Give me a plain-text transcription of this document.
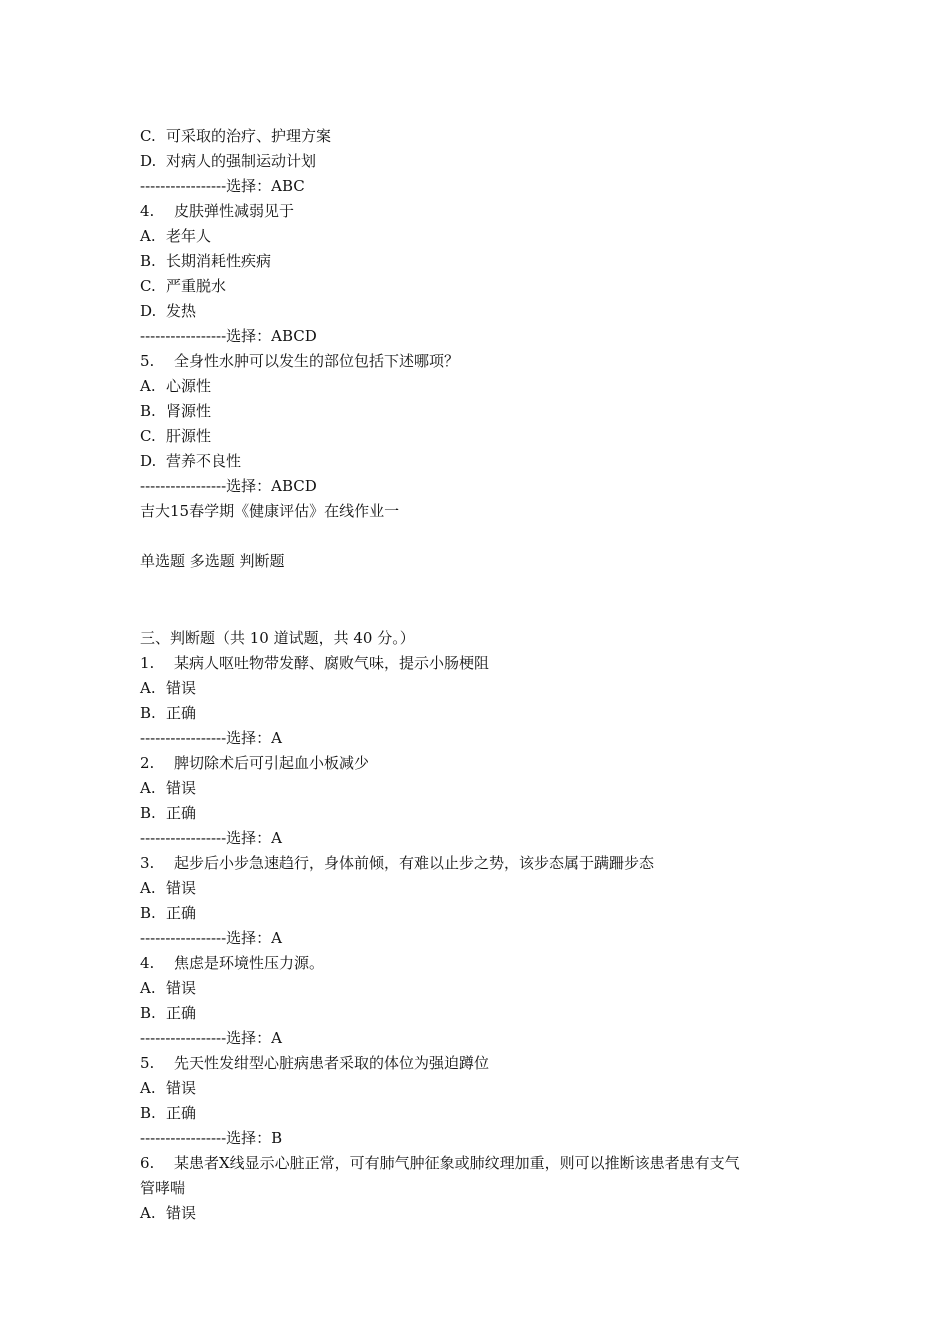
C. 可采取的治疗、护理方案
D. 对病人的强制运动计划
-----------------选择：ABC
4. 皮肤弹性减弱见于
A. 老年人
B. 长期消耗性疾病
C. 严重脱水
D. 发热
-----------------选择：ABCD
5. 全身性水肿可以发生的部位包括下述哪项？
A. 心源性
B. 肾源性
C. 肝源性
D. 营养不良性
-----------------选择：ABCD
吉大15春学期《健康评估》在线作业一
单选题 多选题 判断题
三、判断题（共 10 道试题，共 40 分。）
1. 某病人呕吐物带发酵、腐败气味，提示小肠梗阻
A. 错误
B. 正确
-----------------选择：A
2. 脾切除术后可引起血小板减少
A. 错误
B. 正确
-----------------选择：A
3. 起步后小步急速趋行，身体前倾，有难以止步之势，该步态属于蹒跚步态
A. 错误
B. 正确
-----------------选择：A
4. 焦虑是环境性压力源。
A. 错误
B. 正确
-----------------选择：A
5. 先天性发绀型心脏病患者采取的体位为强迫蹲位
A. 错误
B. 正确
-----------------选择：B
6. 某患者X线显示心脏正常，可有肺气肿征象或肺纹理加重，则可以推断该患者患有支气
管哮喘
A. 错误
